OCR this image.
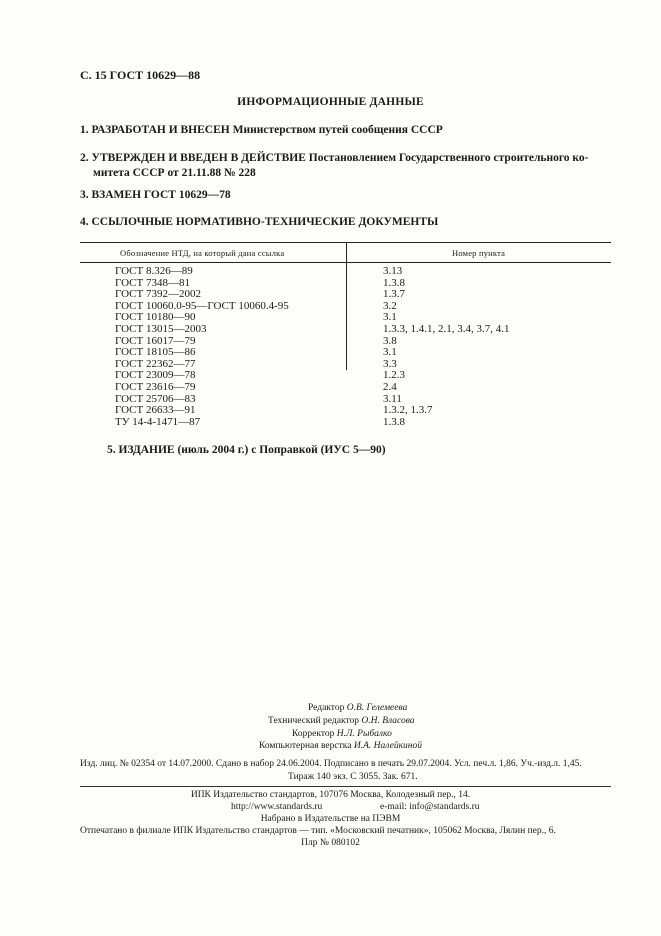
С. 15 ГОСТ 10629—88
ИНФОРМАЦИОННЫЕ ДАННЫЕ
1. РАЗРАБОТАН И ВНЕСЕН Министерством путей сообщения СССР
2. УТВЕРЖДЕН И ВВЕДЕН В ДЕЙСТВИЕ Постановлением Государственного строительного ко-
митета СССР от 21.11.88 № 228
3. ВЗАМЕН ГОСТ 10629—78
4. ССЫЛОЧНЫЕ НОРМАТИВНО-ТЕХНИЧЕСКИЕ ДОКУМЕНТЫ
Обозначение НТД, на который дана ссылка	Номер пункта
ГОСТ 8.326—89	3.13
ГОСТ 7348—81	1.3.8
ГОСТ 7392—2002	1.3.7
ГОСТ 10060.0-95—ГОСТ 10060.4-95	3.2
ГОСТ 10180—90	3.1
ГОСТ 13015—2003	1.3.3, 1.4.1, 2.1, 3.4, 3.7, 4.1
ГОСТ 16017—79	3.8
ГОСТ 18105—86	3.1
ГОСТ 22362—77	3.3
ГОСТ 23009—78	1.2.3
ГОСТ 23616—79	2.4
ГОСТ 25706—83	3.11
ГОСТ 26633—91	1.3.2, 1.3.7
ТУ 14-4-1471—87	1.3.8
5. ИЗДАНИЕ (июль 2004 г.) с Поправкой (ИУС 5—90)
Редактор О.В. Гелемеева
Технический редактор О.Н. Власова
Корректор Н.Л. Рыбалко
Компьютерная верстка И.А. Налейкиной
Изд. лиц. № 02354 от 14.07.2000. Сдано в набор 24.06.2004. Подписано в печать 29.07.2004. Усл. печ.л. 1,86. Уч.-изд.л. 1,45.
Тираж 140 экз. С 3055. Зак. 671.
ИПК Издательство стандартов, 107076 Москва, Колодезный пер., 14.
http://www.standards.ru	e-mail: info@standards.ru
Набрано в Издательстве на ПЭВМ
Отпечатано в филиале ИПК Издательство стандартов — тип. «Московский печатник», 105062 Москва, Лялин пер., 6.
Плр № 080102
